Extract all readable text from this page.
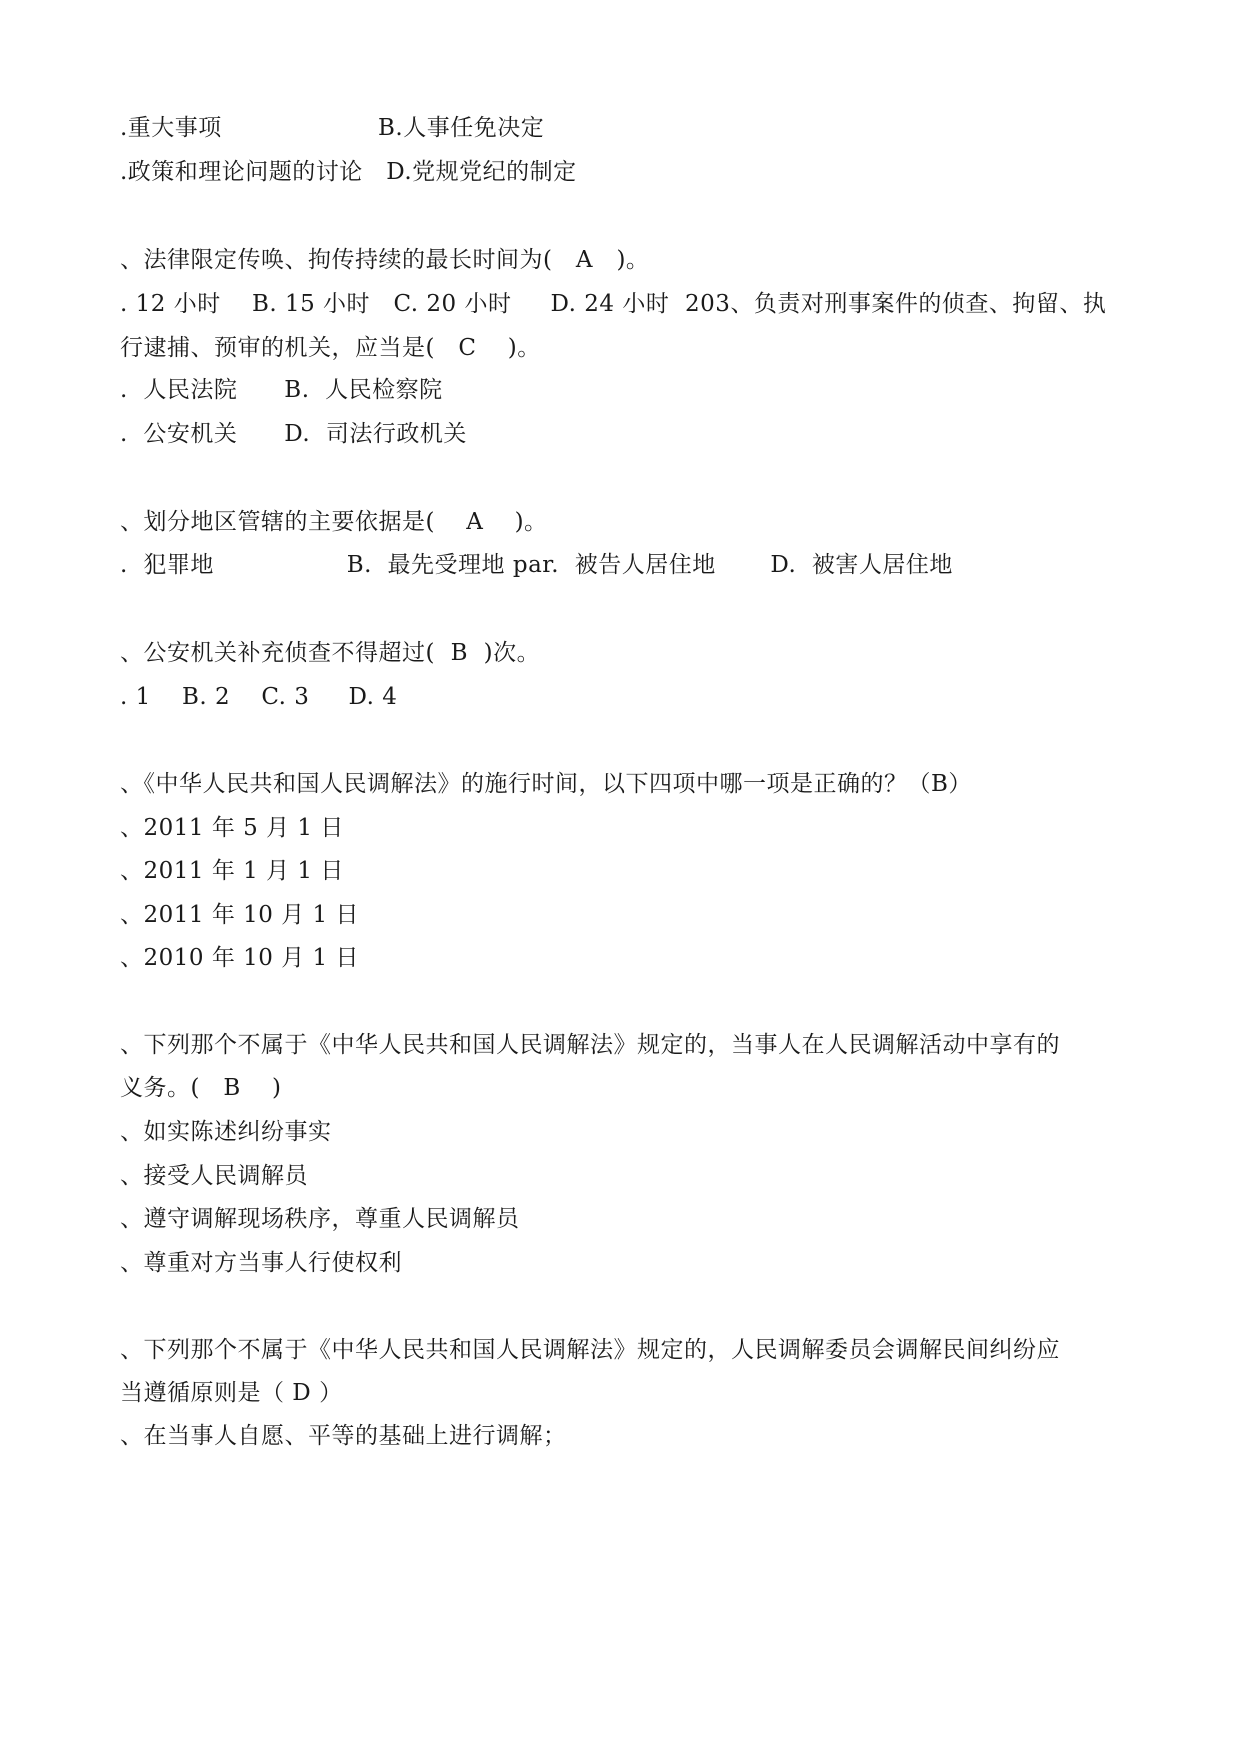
.重大事项                    B.人事任免决定
.政策和理论问题的讨论   D.党规党纪的制定
、法律限定传唤、拘传持续的最长时间为(   A   )。
. 12 小时    B. 15 小时   C. 20 小时     D. 24 小时  203、负责对刑事案件的侦查、拘留、执
行逮捕、预审的机关，应当是(   C    )。
.  人民法院      B.  人民检察院
.  公安机关      D.  司法行政机关
、划分地区管辖的主要依据是(    A    )。
.  犯罪地                 B.  最先受理地 par.  被告人居住地       D.  被害人居住地
、公安机关补充侦查不得超过(  B  )次。
. 1    B. 2    C. 3     D. 4
、《中华人民共和国人民调解法》的施行时间，以下四项中哪一项是正确的？（B）
、2011 年 5 月 1 日
、2011 年 1 月 1 日
、2011 年 10 月 1 日
、2010 年 10 月 1 日
、下列那个不属于《中华人民共和国人民调解法》规定的，当事人在人民调解活动中享有的
义务。(   B    )
、如实陈述纠纷事实
、接受人民调解员
、遵守调解现场秩序，尊重人民调解员
、尊重对方当事人行使权利
、下列那个不属于《中华人民共和国人民调解法》规定的，人民调解委员会调解民间纠纷应
当遵循原则是（ D ）
、在当事人自愿、平等的基础上进行调解；
